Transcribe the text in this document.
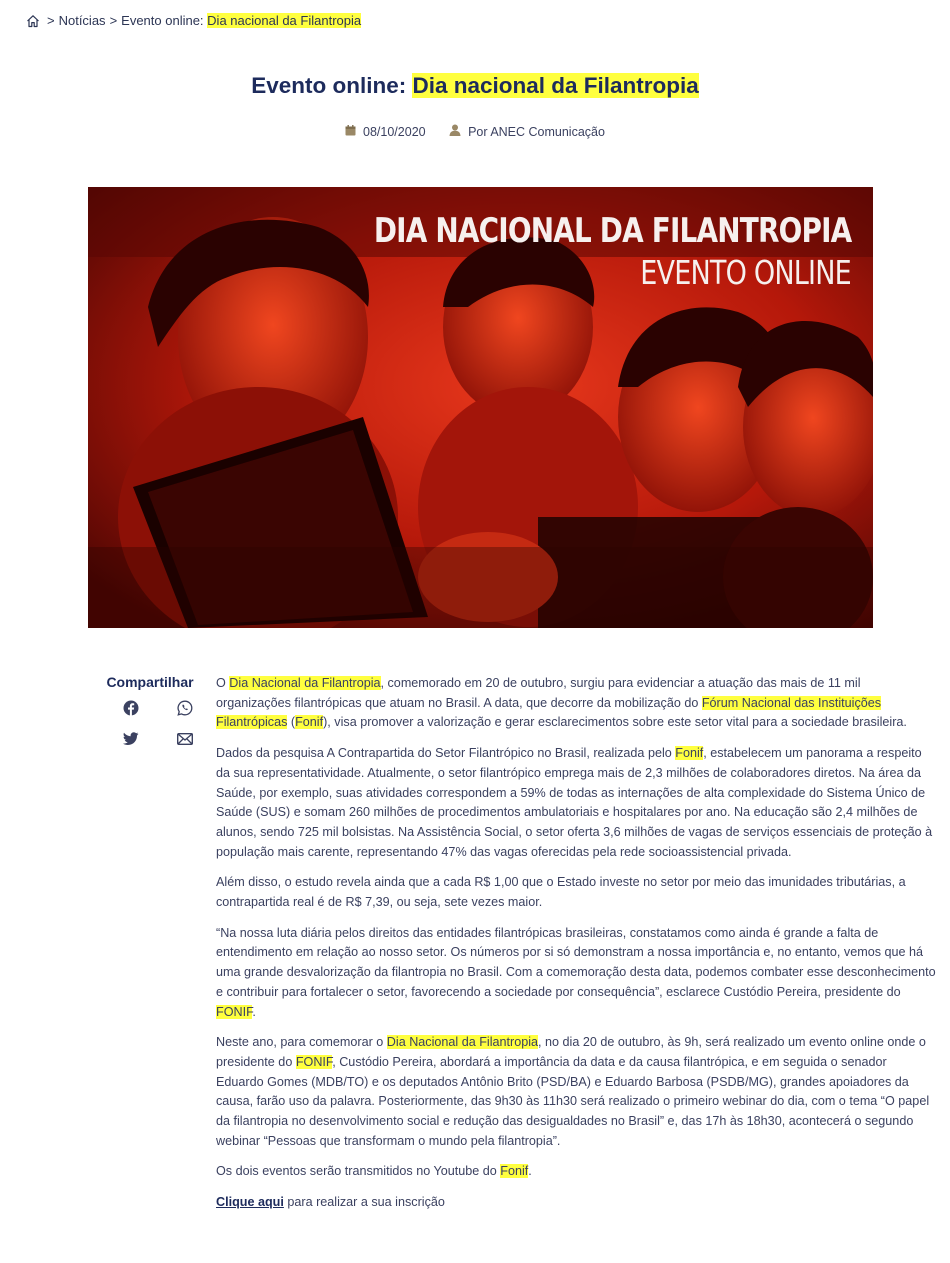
> Notícias > Evento online: Dia nacional da Filantropia
Evento online: Dia nacional da Filantropia
08/10/2020
	Por ANEC Comunicação
DIA NACIONAL DA FILANTROPIA
EVENTO ONLINE
Compartilhar	O Dia Nacional da Filantropia, comemorado em 20 de outubro, surgiu para evidenciar a atuação das mais de 11 mil organizações filantrópicas que atuam no Brasil. A data, que decorre da mobilização do Fórum Nacional das Instituições Filantrópicas (Fonif), visa promover a valorização e gerar esclarecimentos sobre este setor vital para a sociedade brasileira.

Dados da pesquisa A Contrapartida do Setor Filantrópico no Brasil, realizada pelo Fonif, estabelecem um panorama a respeito da sua representatividade. Atualmente, o setor filantrópico emprega mais de 2,3 milhões de colaboradores diretos. Na área da Saúde, por exemplo, suas atividades correspondem a 59% de todas as internações de alta complexidade do Sistema Único de Saúde (SUS) e somam 260 milhões de procedimentos ambulatoriais e hospitalares por ano. Na educação são 2,4 milhões de alunos, sendo 725 mil bolsistas. Na Assistência Social, o setor oferta 3,6 milhões de vagas de serviços essenciais de proteção à população mais carente, representando 47% das vagas oferecidas pela rede socioassistencial privada.

Além disso, o estudo revela ainda que a cada R$ 1,00 que o Estado investe no setor por meio das imunidades tributárias, a contrapartida real é de R$ 7,39, ou seja, sete vezes maior.

“Na nossa luta diária pelos direitos das entidades filantrópicas brasileiras, constatamos como ainda é grande a falta de entendimento em relação ao nosso setor. Os números por si só demonstram a nossa importância e, no entanto, vemos que há uma grande desvalorização da filantropia no Brasil. Com a comemoração desta data, podemos combater esse desconhecimento e contribuir para fortalecer o setor, favorecendo a sociedade por consequência”, esclarece Custódio Pereira, presidente do FONIF.

Neste ano, para comemorar o Dia Nacional da Filantropia, no dia 20 de outubro, às 9h, será realizado um evento online onde o presidente do FONIF, Custódio Pereira, abordará a importância da data e da causa filantrópica, e em seguida o senador Eduardo Gomes (MDB/TO) e os deputados Antônio Brito (PSD/BA) e Eduardo Barbosa (PSDB/MG), grandes apoiadores da causa, farão uso da palavra. Posteriormente, das 9h30 às 11h30 será realizado o primeiro webinar do dia, com o tema “O papel da filantropia no desenvolvimento social e redução das desigualdades no Brasil” e, das 17h às 18h30, acontecerá o segundo webinar “Pessoas que transformam o mundo pela filantropia”.

Os dois eventos serão transmitidos no Youtube do Fonif.

Clique aqui para realizar a sua inscrição
